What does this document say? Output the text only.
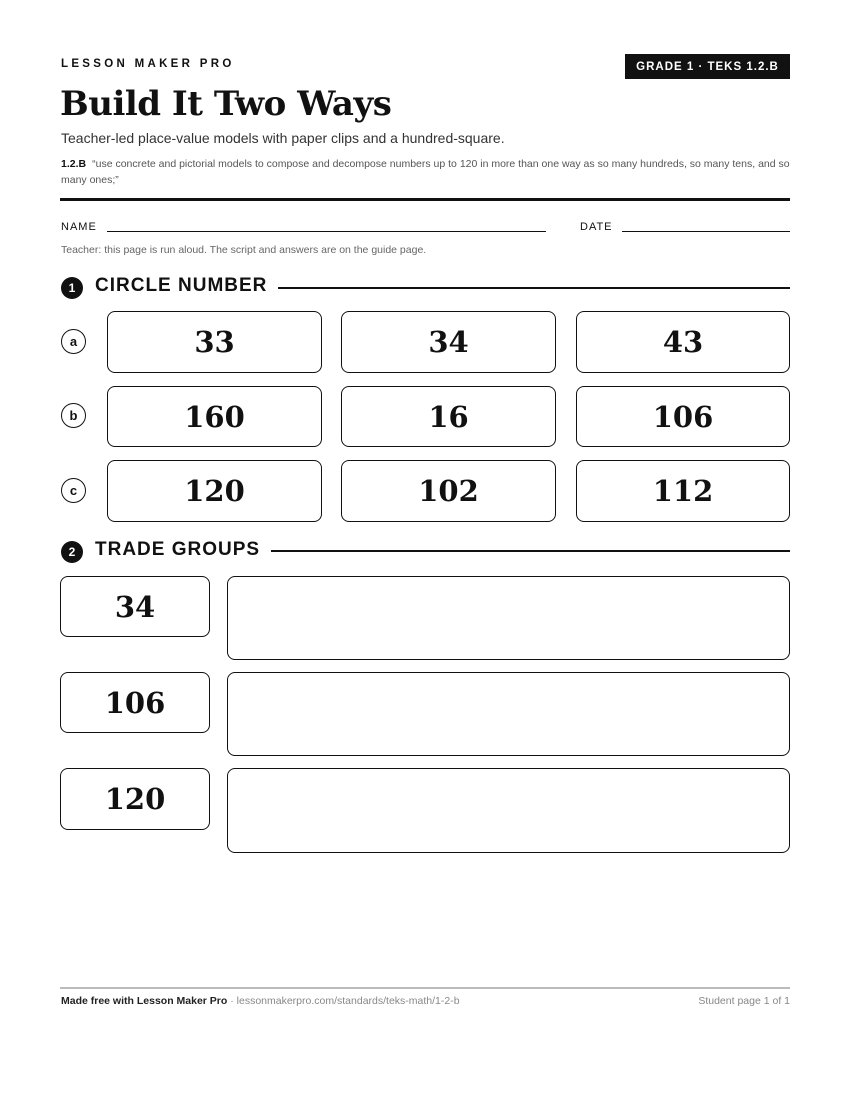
LESSON MAKER PRO	GRADE 1 · TEKS 1.2.B
Build It Two Ways
Teacher-led place-value models with paper clips and a hundred-square.
1.2.B “use concrete and pictorial models to compose and decompose numbers up to 120 in more than one way as so many hundreds, so many tens, and so many ones;”
NAME	DATE
Teacher: this page is run aloud. The script and answers are on the guide page.
1	CIRCLE NUMBER
a	33	34	43
b	160	16	106
c	120	102	112
2	TRADE GROUPS
34
106
120
Made free with Lesson Maker Pro · lessonmakerpro.com/standards/teks-math/1-2-b	Student page 1 of 1
